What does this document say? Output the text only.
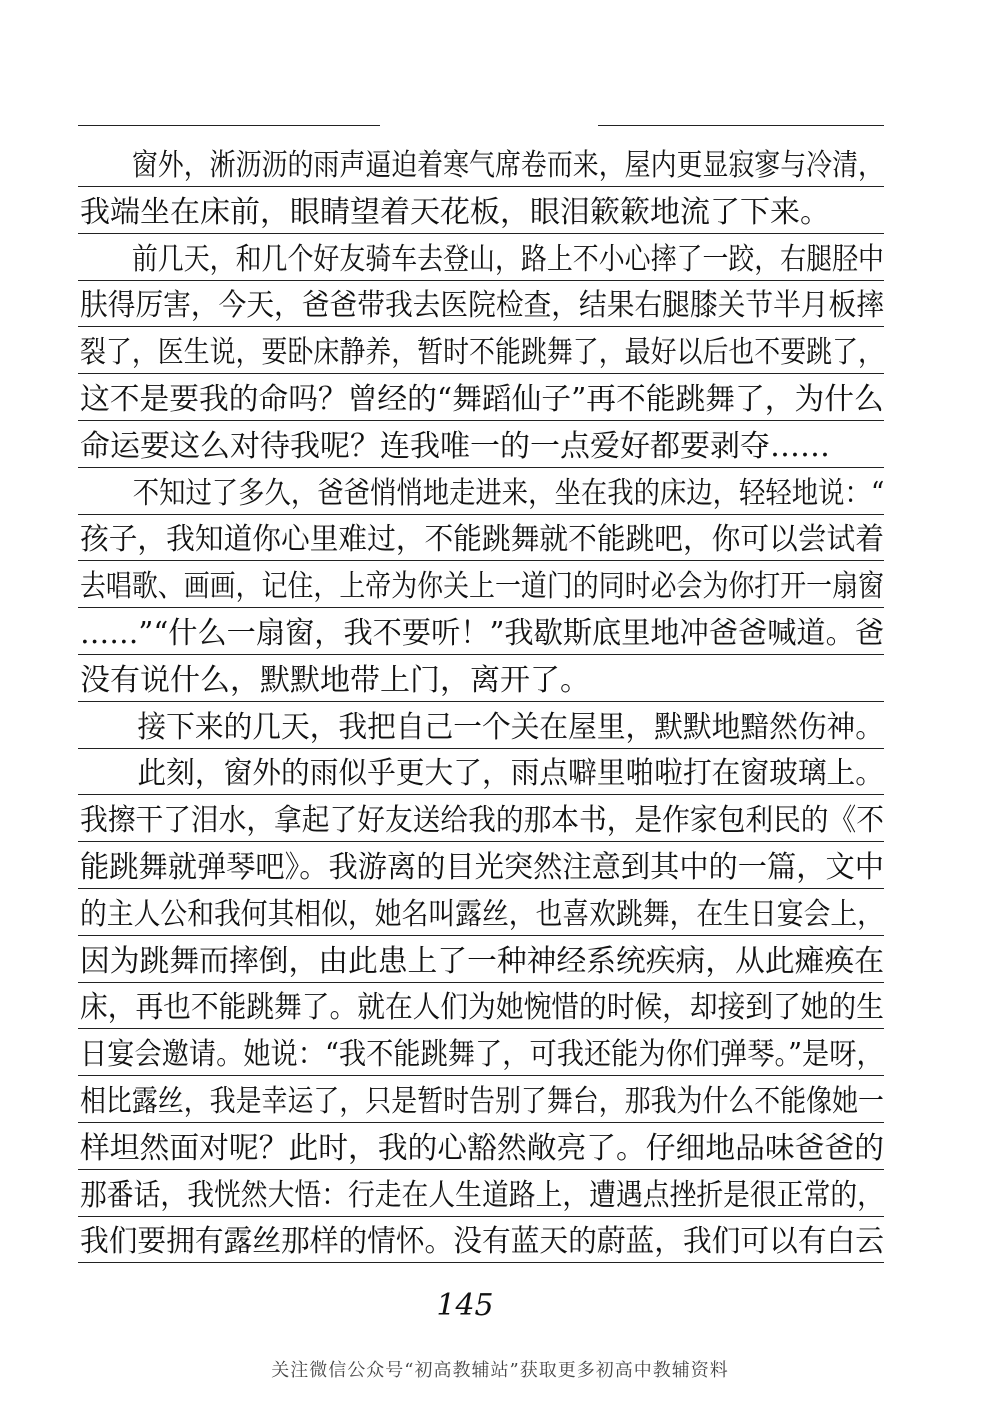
　　窗外，淅沥沥的雨声逼迫着寒气席卷而来，屋内更显寂寥与冷清，
我端坐在床前，眼睛望着天花板，眼泪簌簌地流了下来。
　　前几天，和几个好友骑车去登山，路上不小心摔了一跤，右腿胫中
肤得厉害，今天，爸爸带我去医院检查，结果右腿膝关节半月板摔
裂了，医生说，要卧床静养，暂时不能跳舞了，最好以后也不要跳了，
这不是要我的命吗？曾经的“舞蹈仙子”再不能跳舞了，为什么
命运要这么对待我呢？连我唯一的一点爱好都要剥夺……
　　不知过了多久，爸爸悄悄地走进来，坐在我的床边，轻轻地说：“
孩子，我知道你心里难过，不能跳舞就不能跳吧，你可以尝试着
去唱歌、画画，记住，上帝为你关上一道门的同时必会为你打开一扇窗
……”“什么一扇窗，我不要听！”我歇斯底里地冲爸爸喊道。爸
没有说什么，默默地带上门，离开了。
　　接下来的几天，我把自己一个关在屋里，默默地黯然伤神。
　　此刻，窗外的雨似乎更大了，雨点噼里啪啦打在窗玻璃上。
我擦干了泪水，拿起了好友送给我的那本书，是作家包利民的《不
能跳舞就弹琴吧》。我游离的目光突然注意到其中的一篇，文中
的主人公和我何其相似，她名叫露丝，也喜欢跳舞，在生日宴会上，
因为跳舞而摔倒，由此患上了一种神经系统疾病，从此瘫痪在
床，再也不能跳舞了。就在人们为她惋惜的时候，却接到了她的生
日宴会邀请。她说：“我不能跳舞了，可我还能为你们弹琴。”是呀，
相比露丝，我是幸运了，只是暂时告别了舞台，那我为什么不能像她一
样坦然面对呢？此时，我的心豁然敞亮了。仔细地品味爸爸的
那番话，我恍然大悟：行走在人生道路上，遭遇点挫折是很正常的，
我们要拥有露丝那样的情怀。没有蓝天的蔚蓝，我们可以有白云
145
关注微信公众号“初高教辅站”获取更多初高中教辅资料
